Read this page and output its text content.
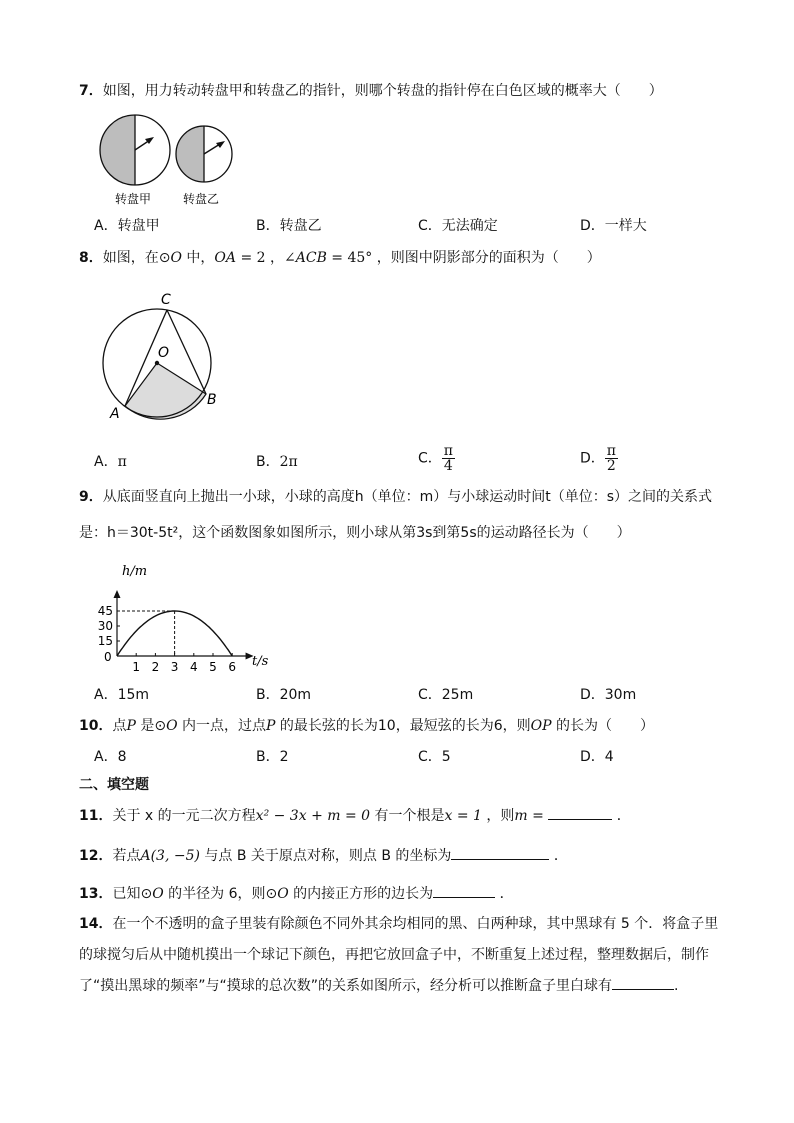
7．如图，用力转动转盘甲和转盘乙的指针，则哪个转盘的指针停在白色区域的概率大（　　）
转盘甲	转盘乙
A．转盘甲	B．转盘乙	C．无法确定	D．一样大
8．如图，在⊙O 中，OA = 2 ，∠ACB = 45° ，则图中阴影部分的面积为（　　）
C
O
A
B
A．π	B．2π	C． $\frac{\pi}{4}$	D． $\frac{\pi}{2}$
9．从底面竖直向上抛出一小球，小球的高度h（单位：m）与小球运动时间t（单位：s）之间的关系式
是：h＝30t-5t²，这个函数图象如图所示，则小球从第3s到第5s的运动路径长为（　　）
h/m
t/s
0
1 2 3 4 5 6
15
30
45
A．15m	B．20m	C．25m	D．30m
10．点P 是⊙O 内一点，过点P 的最长弦的长为10，最短弦的长为6，则OP 的长为（　　）
A．8	B．2	C．5	D．4
二、填空题
11．关于 x 的一元二次方程x² − 3x + m = 0 有一个根是x = 1 ，则m =	．
12．若点A(3, −5) 与点 B 关于原点对称，则点 B 的坐标为	．
13．已知⊙O 的半径为 6，则⊙O 的内接正方形的边长为	．
14．在一个不透明的盒子里装有除颜色不同外其余均相同的黑、白两种球，其中黑球有 5 个．将盒子里
的球搅匀后从中随机摸出一个球记下颜色，再把它放回盒子中，不断重复上述过程，整理数据后，制作
了“摸出黑球的频率”与“摸球的总次数”的关系如图所示，经分析可以推断盒子里白球有	.
